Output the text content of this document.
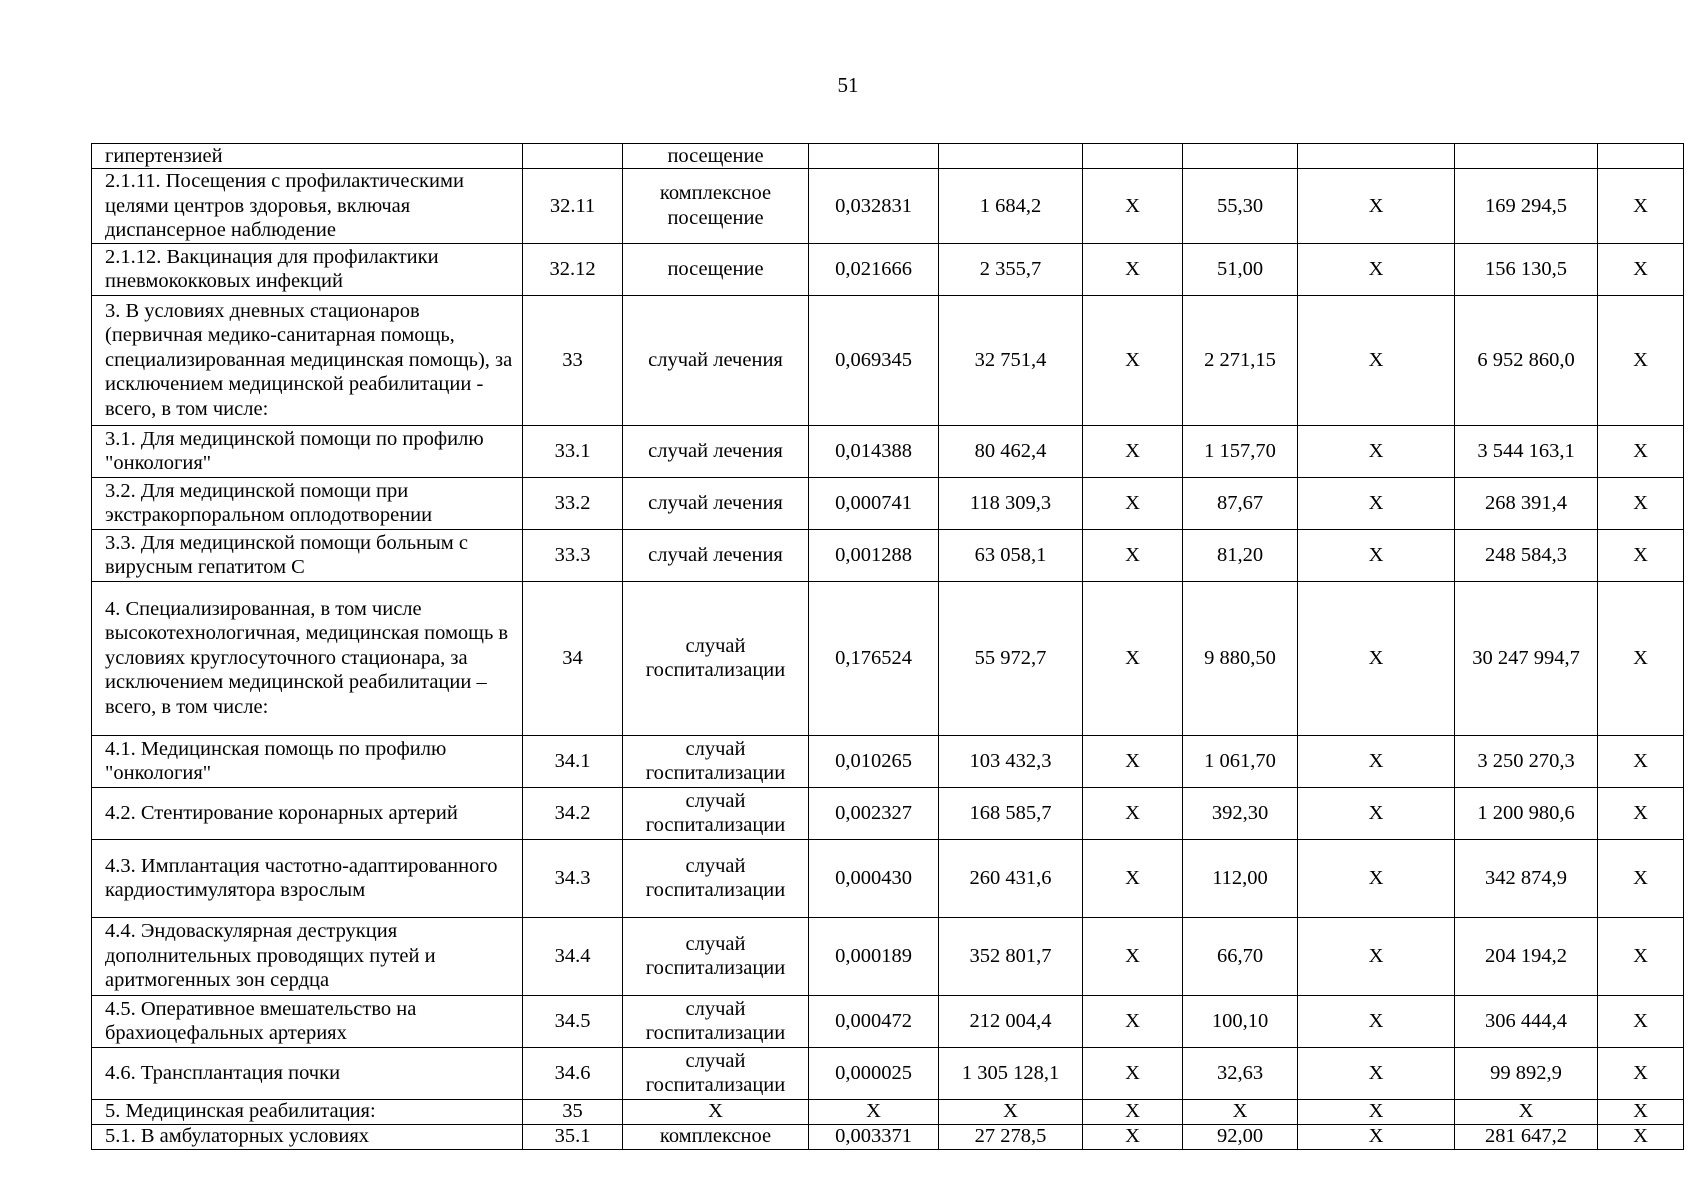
51
гипертензией		посещение							
2.1.11. Посещения с профилактическими целями центров здоровья, включая диспансерное наблюдение	32.11	комплексное посещение	0,032831	1 684,2	X	55,30	X	169 294,5	X
2.1.12. Вакцинация для профилактики пневмококковых инфекций	32.12	посещение	0,021666	2 355,7	X	51,00	X	156 130,5	X
3. В условиях дневных стационаров (первичная медико-санитарная помощь, специализированная медицинская помощь), за исключением медицинской реабилитации - всего, в том числе:	33	случай лечения	0,069345	32 751,4	X	2 271,15	X	6 952 860,0	X
3.1. Для медицинской помощи по профилю "онкология"	33.1	случай лечения	0,014388	80 462,4	X	1 157,70	X	3 544 163,1	X
3.2. Для медицинской помощи при экстракорпоральном оплодотворении	33.2	случай лечения	0,000741	118 309,3	X	87,67	X	268 391,4	X
3.3. Для медицинской помощи больным с вирусным гепатитом С	33.3	случай лечения	0,001288	63 058,1	X	81,20	X	248 584,3	X
4. Специализированная, в том числе высокотехнологичная, медицинская помощь в условиях круглосуточного стационара, за исключением медицинской реабилитации – всего, в том числе:	34	случай госпитализации	0,176524	55 972,7	X	9 880,50	X	30 247 994,7	X
4.1. Медицинская помощь по профилю "онкология"	34.1	случай госпитализации	0,010265	103 432,3	X	1 061,70	X	3 250 270,3	X
4.2. Стентирование коронарных артерий	34.2	случай госпитализации	0,002327	168 585,7	X	392,30	X	1 200 980,6	X
4.3. Имплантация частотно-адаптированного кардиостимулятора взрослым	34.3	случай госпитализации	0,000430	260 431,6	X	112,00	X	342 874,9	X
4.4. Эндоваскулярная деструкция дополнительных проводящих путей и аритмогенных зон сердца	34.4	случай госпитализации	0,000189	352 801,7	X	66,70	X	204 194,2	X
4.5. Оперативное вмешательство на брахиоцефальных артериях	34.5	случай госпитализации	0,000472	212 004,4	X	100,10	X	306 444,4	X
4.6. Трансплантация почки	34.6	случай госпитализации	0,000025	1 305 128,1	X	32,63	X	99 892,9	X
5. Медицинская реабилитация:	35	X	X	X	X	X	X	X	X
5.1. В амбулаторных условиях	35.1	комплексное	0,003371	27 278,5	X	92,00	X	281 647,2	X
